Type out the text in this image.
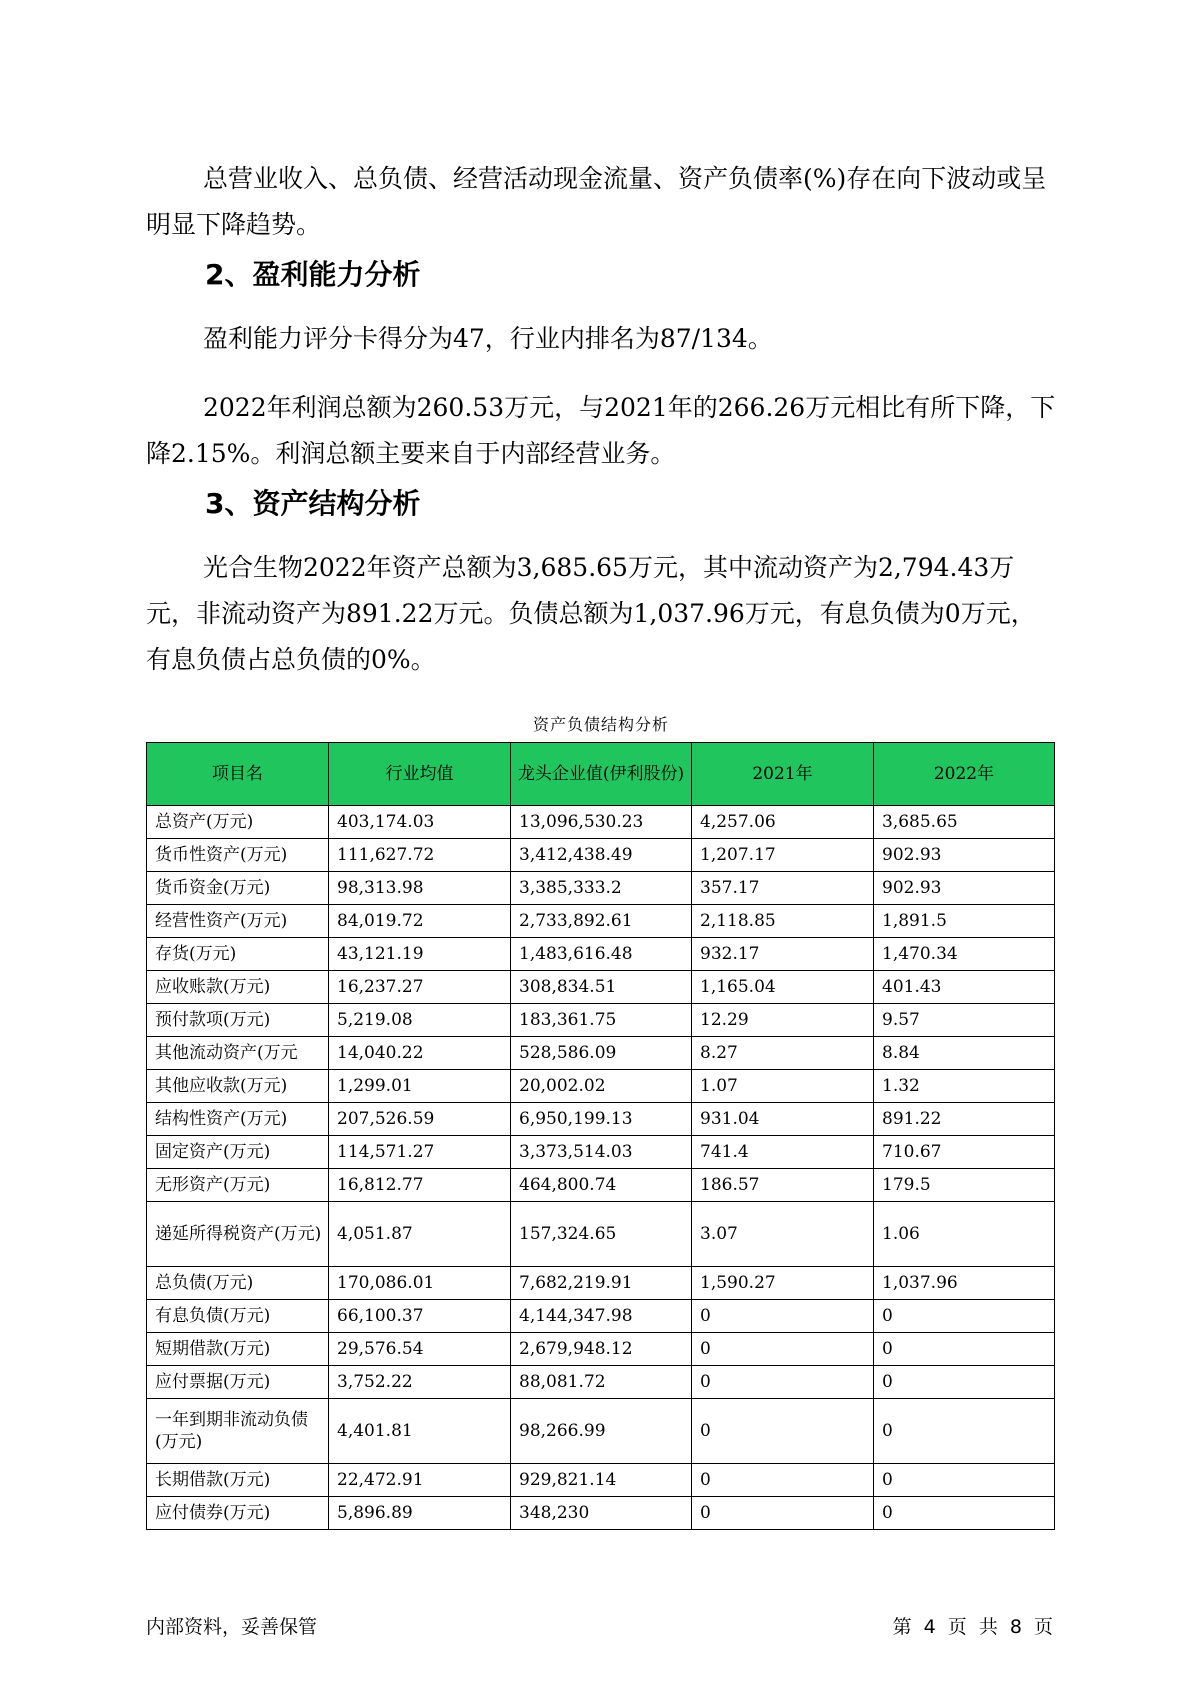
总营业收入、总负债、经营活动现金流量、资产负债率(%)存在向下波动或呈明显下降趋势。

2、盈利能力分析

盈利能力评分卡得分为47，行业内排名为87/134。

2022年利润总额为260.53万元，与2021年的266.26万元相比有所下降，下降2.15%。利润总额主要来自于内部经营业务。

3、资产结构分析

光合生物2022年资产总额为3,685.65万元，其中流动资产为2,794.43万元，非流动资产为891.22万元。负债总额为1,037.96万元，有息负债为0万元，有息负债占总负债的0%。

资产负债结构分析
项目名	行业均值	龙头企业值(伊利股份)	2021年	2022年
总资产(万元)	403,174.03	13,096,530.23	4,257.06	3,685.65
货币性资产(万元)	111,627.72	3,412,438.49	1,207.17	902.93
货币资金(万元)	98,313.98	3,385,333.2	357.17	902.93
经营性资产(万元)	84,019.72	2,733,892.61	2,118.85	1,891.5
存货(万元)	43,121.19	1,483,616.48	932.17	1,470.34
应收账款(万元)	16,237.27	308,834.51	1,165.04	401.43
预付款项(万元)	5,219.08	183,361.75	12.29	9.57
其他流动资产(万元	14,040.22	528,586.09	8.27	8.84
其他应收款(万元)	1,299.01	20,002.02	1.07	1.32
结构性资产(万元)	207,526.59	6,950,199.13	931.04	891.22
固定资产(万元)	114,571.27	3,373,514.03	741.4	710.67
无形资产(万元)	16,812.77	464,800.74	186.57	179.5
递延所得税资产(万元)	4,051.87	157,324.65	3.07	1.06
总负债(万元)	170,086.01	7,682,219.91	1,590.27	1,037.96
有息负债(万元)	66,100.37	4,144,347.98	0	0
短期借款(万元)	29,576.54	2,679,948.12	0	0
应付票据(万元)	3,752.22	88,081.72	0	0
一年到期非流动负债(万元)	4,401.81	98,266.99	0	0
长期借款(万元)	22,472.91	929,821.14	0	0
应付债券(万元)	5,896.89	348,230	0	0
内部资料，妥善保管	第 4 页 共 8 页
